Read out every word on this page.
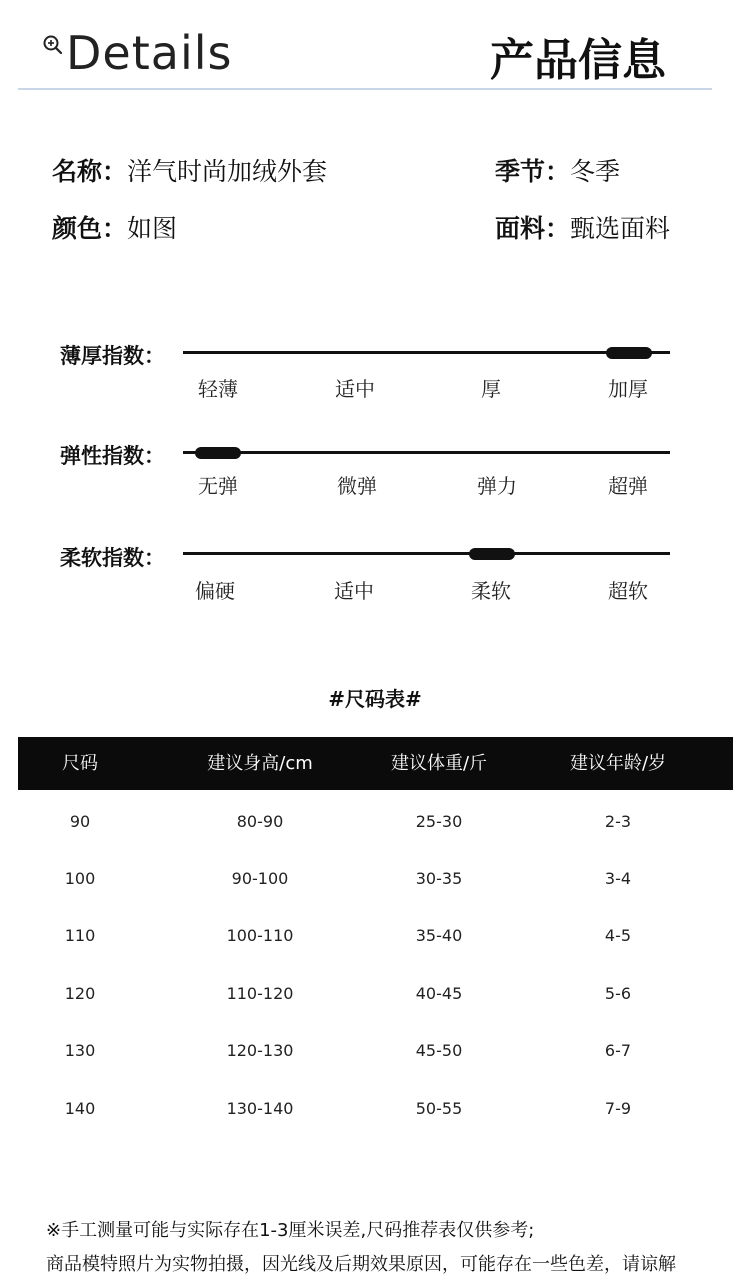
Details	产品信息
名称：洋气时尚加绒外套	季节：冬季
颜色：如图	面料：甄选面料
薄厚指数：
轻薄	适中	厚	加厚
弹性指数：
无弹	微弹	弹力	超弹
柔软指数：
偏硬	适中	柔软	超软
#尺码表#
尺码	建议身高/cm	建议体重/斤	建议年龄/岁
90	80-90	25-30	2-3
100	90-100	30-35	3-4
110	100-110	35-40	4-5
120	110-120	40-45	5-6
130	120-130	45-50	6-7
140	130-140	50-55	7-9
※手工测量可能与实际存在1-3厘米误差,尺码推荐表仅供参考;
商品模特照片为实物拍摄，因光线及后期效果原因，可能存在一些色差，请谅解
